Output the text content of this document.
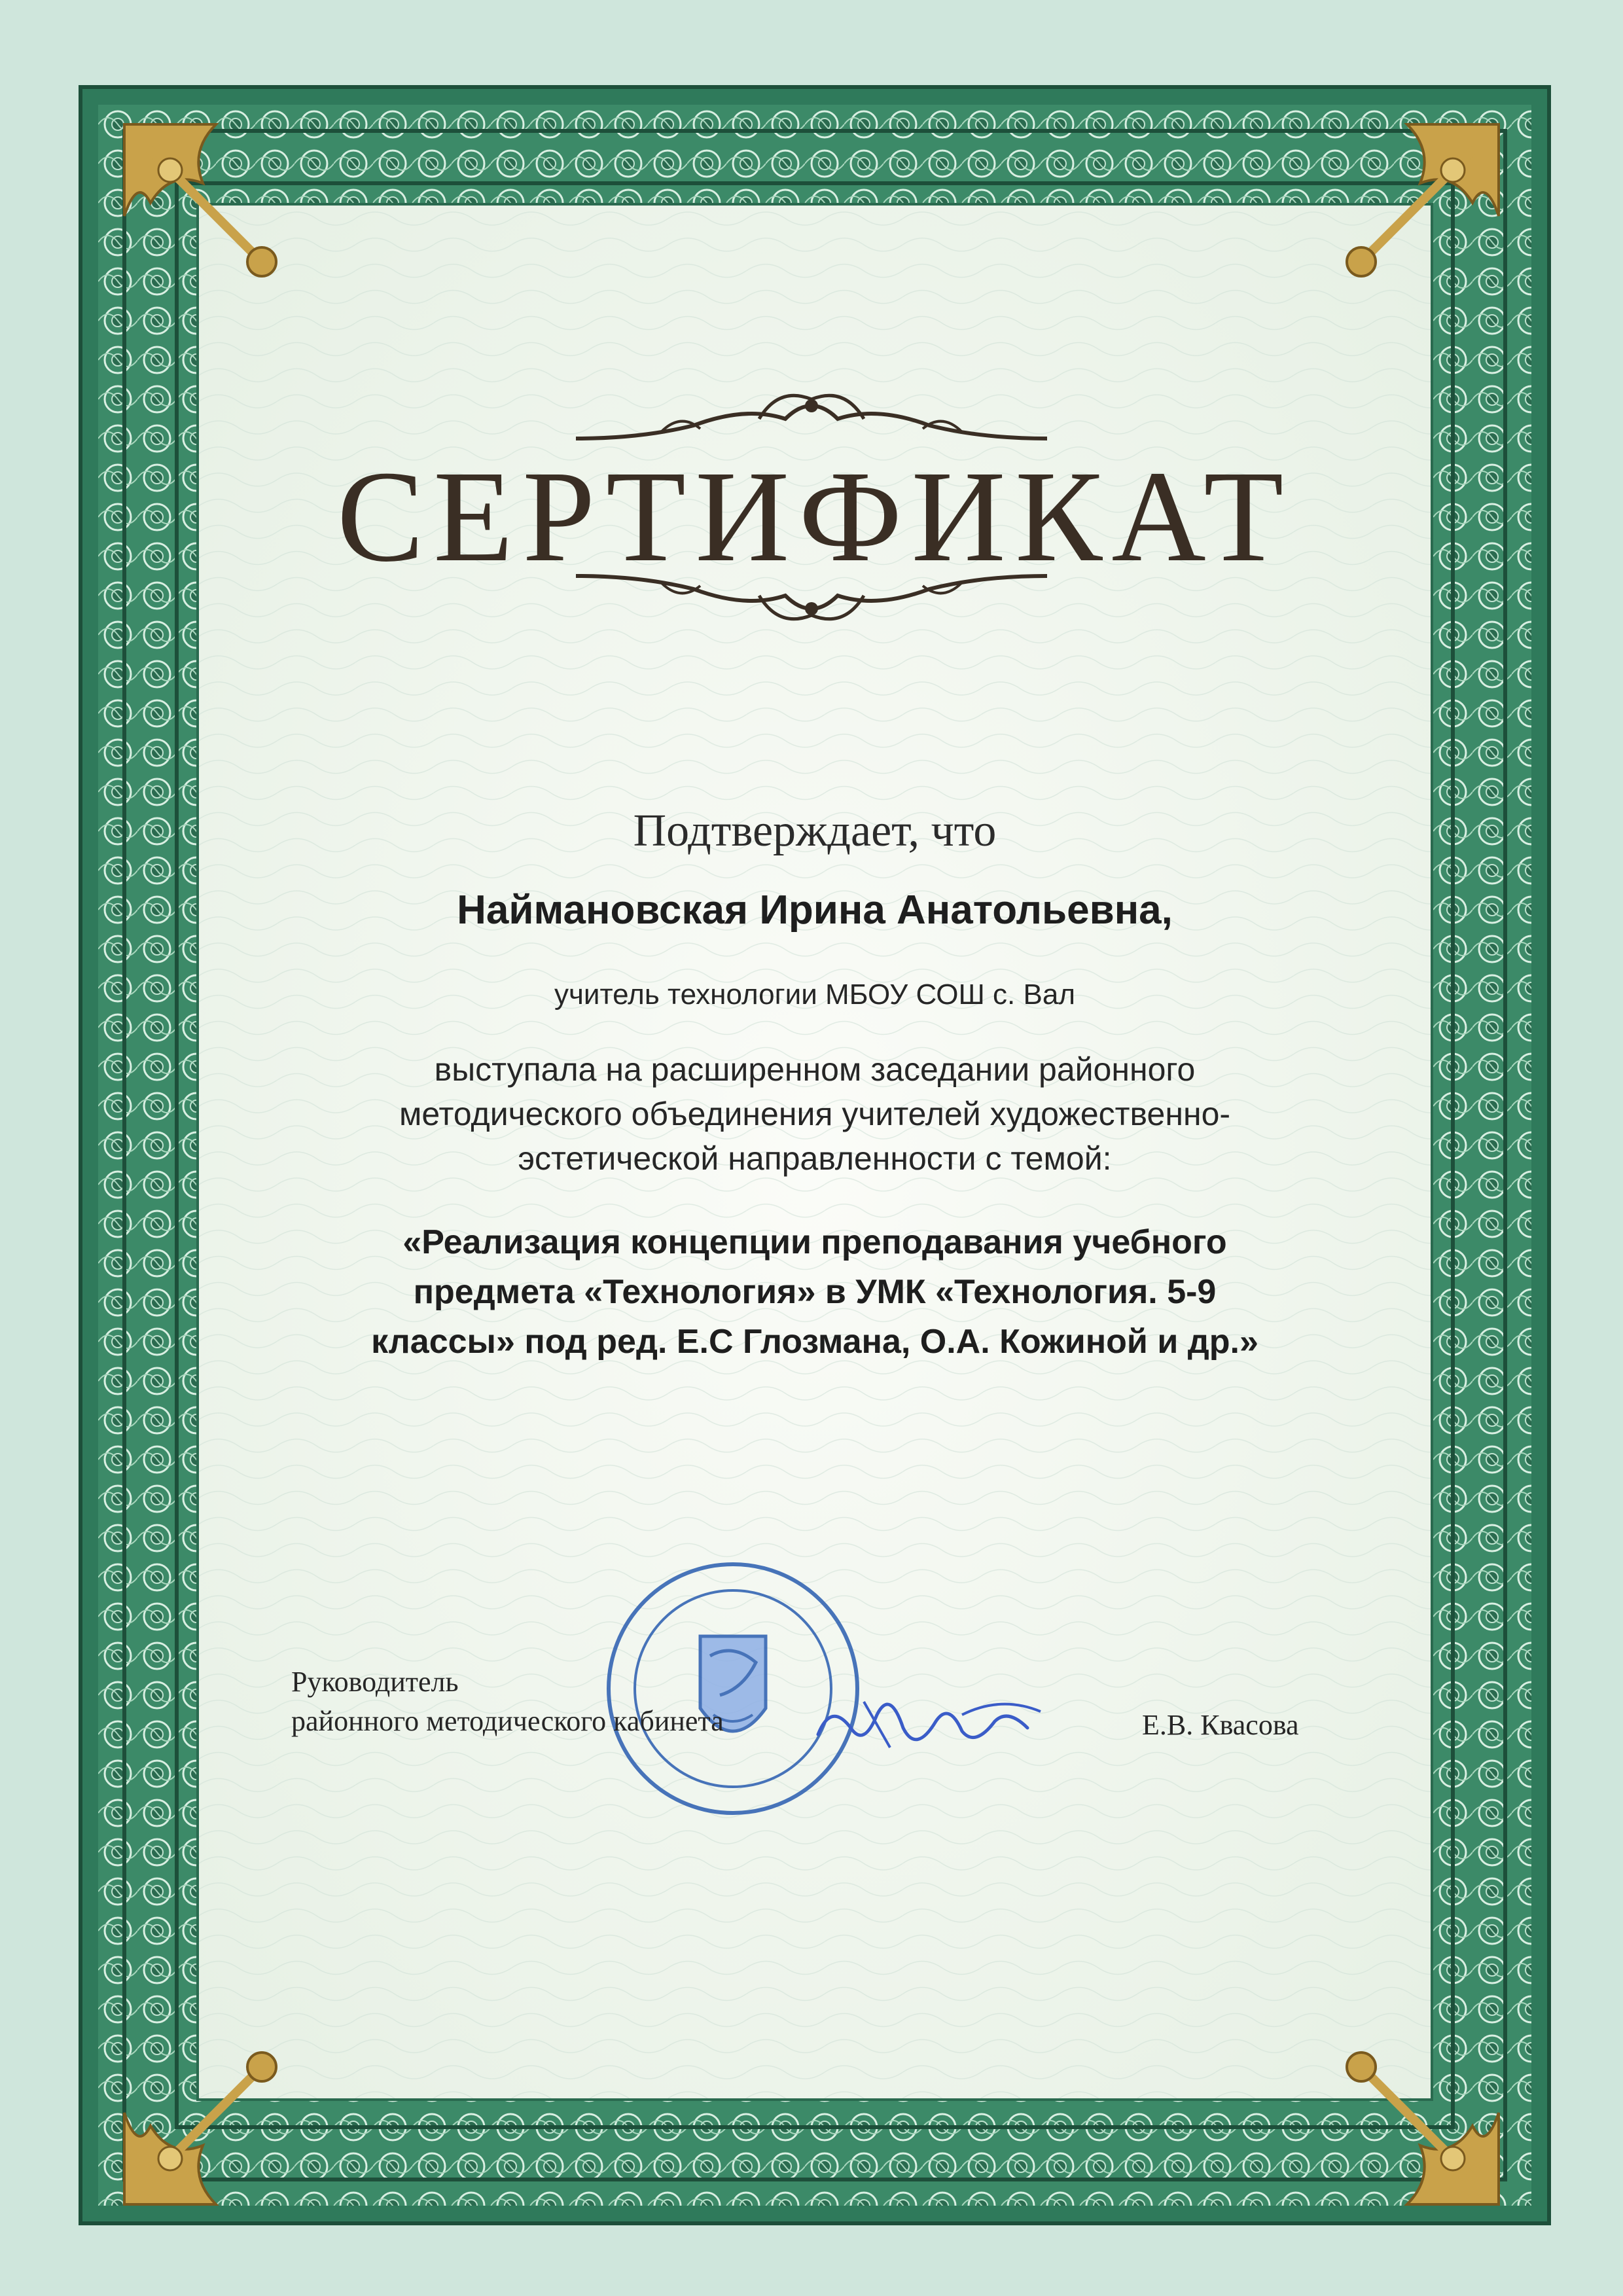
СЕРТИФИКАТ
Подтверждает, что
Наймановская Ирина Анатольевна,
учитель технологии МБОУ СОШ с. Вал
выступала на расширенном заседании районного
методического объединения учителей художественно-
эстетической направленности с темой:
«Реализация концепции преподавания учебного
предмета «Технология» в УМК «Технология. 5-9
классы» под ред. Е.С Глозмана, О.А. Кожиной и др.»
Руководитель
районного методического кабинета	Е.В. Квасова
